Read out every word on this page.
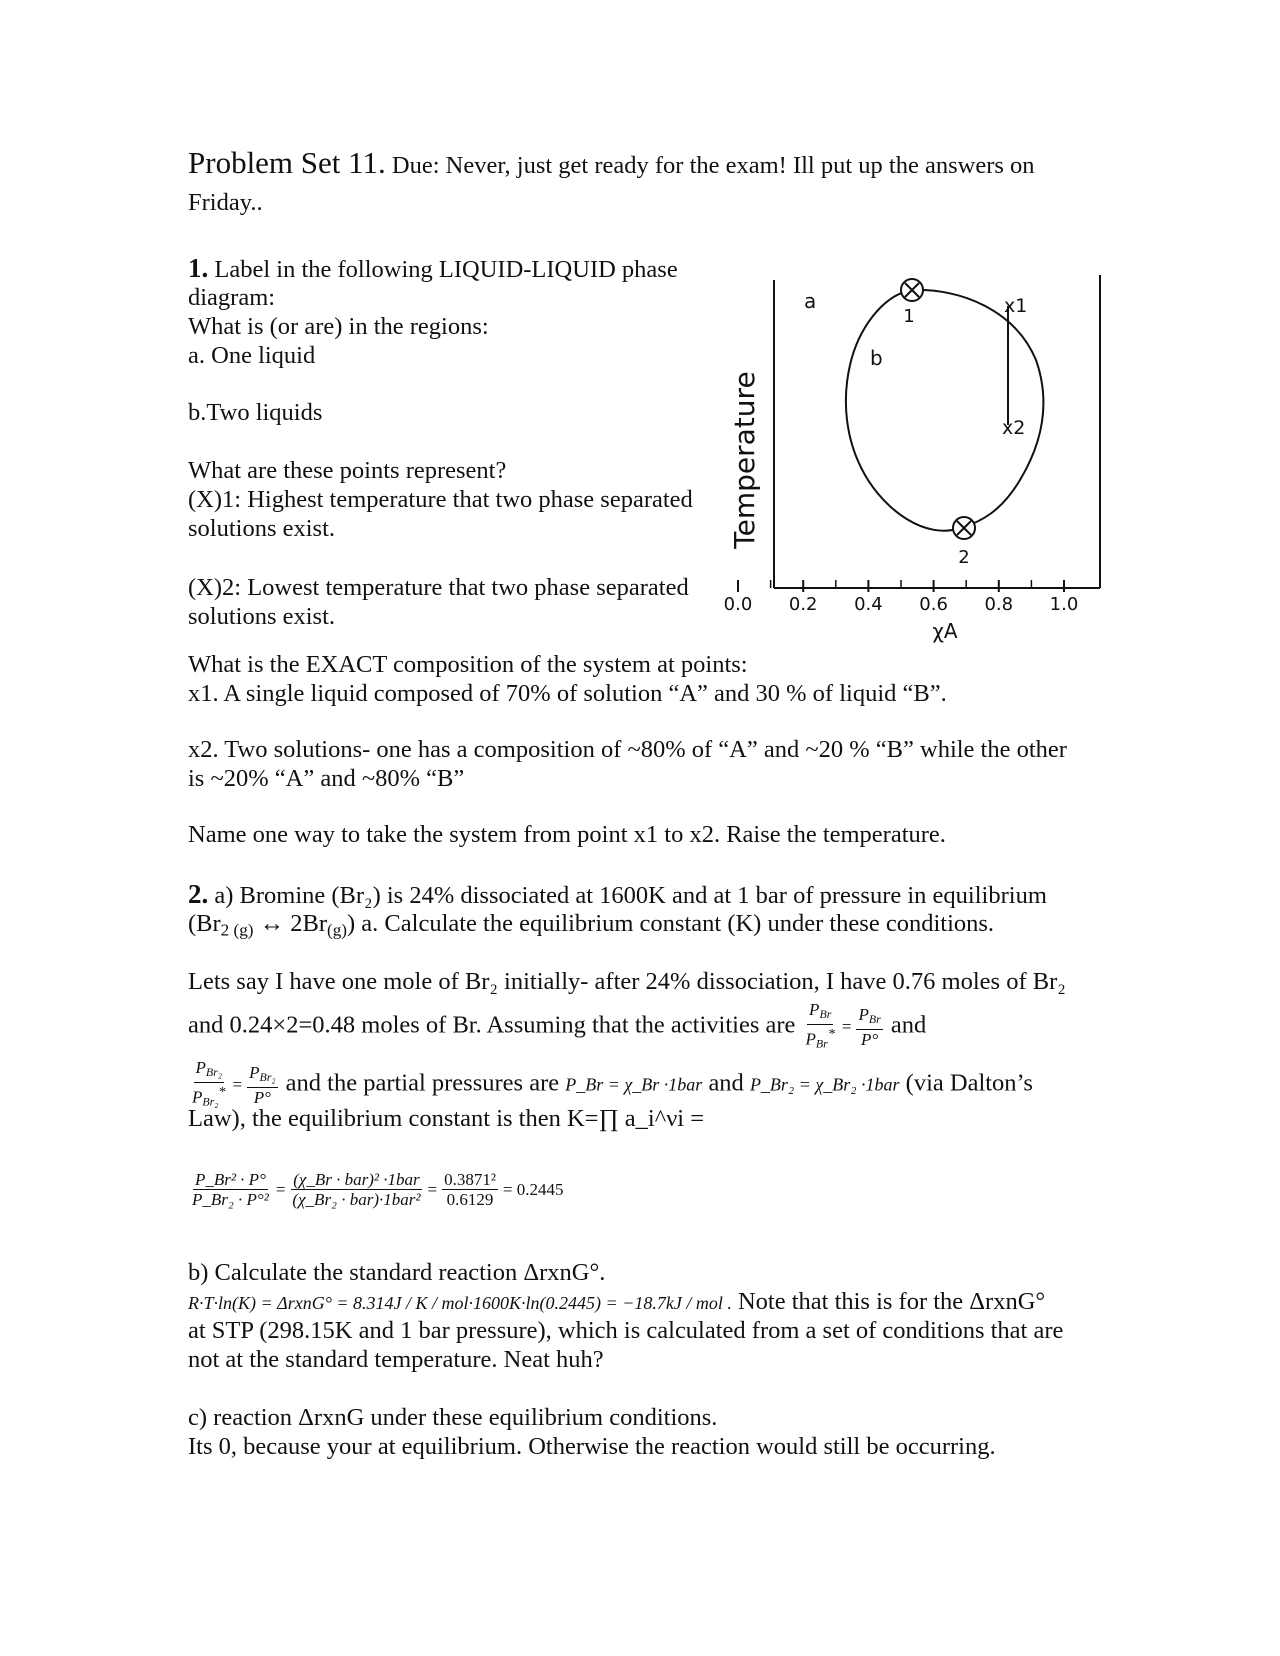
Problem Set 11. Due: Never, just get ready for the exam! Ill put up the answers on
Friday..
1. Label in the following LIQUID-LIQUID phase
diagram:
What is (or are) in the regions:
a. One liquid
b.Two liquids
What are these points represent?
(X)1: Highest temperature that two phase separated
solutions exist.
(X)2: Lowest temperature that two phase separated
solutions exist.	0.0 0.2 0.4 0.6 0.8 1.0
a
b
1
2
x1
x2
Temperature
χA
What is the EXACT composition of the system at points:
x1. A single liquid composed of 70% of solution “A” and 30 % of liquid “B”.
x2. Two solutions- one has a composition of ~80% of “A” and ~20 % “B” while the other
is ~20% “A” and ~80% “B”
Name one way to take the system from point x1 to x2. Raise the temperature.
2. a) Bromine (Br₂) is 24% dissociated at 1600K and at 1 bar of pressure in equilibrium
($Br_{2 (g)}$ ↔ $2Br_{(g)}$) a. Calculate the equilibrium constant (K) under these conditions.
Lets say I have one mole of Br₂ initially- after 24% dissociation, I have 0.76 moles of Br₂
and 0.24×2=0.48 moles of Br. Assuming that the activities are $\frac{P_{Br}}{P_{Br}^*} = \frac{P_{Br}}{P^\circ}$ and
$\frac{P_{Br_2}}{P_{Br_2}^*} = \frac{P_{Br_2}}{P^\circ}$ and the partial pressures are P_Br = χ_Br ·1bar and P_Br₂ = χ_Br₂ ·1bar (via Dalton’s
Law), the equilibrium constant is then K=∏ a_i^νi =
$\frac{\text{P\_Br² · P°}}{\text{P\_Br₂ · P°²}} = \frac{\text{(χ\_Br · bar)² ·1bar}}{\text{(χ\_Br₂ · bar)·1bar²}} = \frac{\text{0.3871²}}{0.6129} = 0.2445$
b) Calculate the standard reaction ΔrxnG°.
R·T·ln(K) = ΔrxnG° = 8.314J / K / mol·1600K·ln(0.2445) = −18.7kJ / mol . Note that this is for the ΔrxnG°
at STP (298.15K and 1 bar pressure), which is calculated from a set of conditions that are
not at the standard temperature. Neat huh?
c) reaction ΔrxnG under these equilibrium conditions.
Its 0, because your at equilibrium. Otherwise the reaction would still be occurring.
